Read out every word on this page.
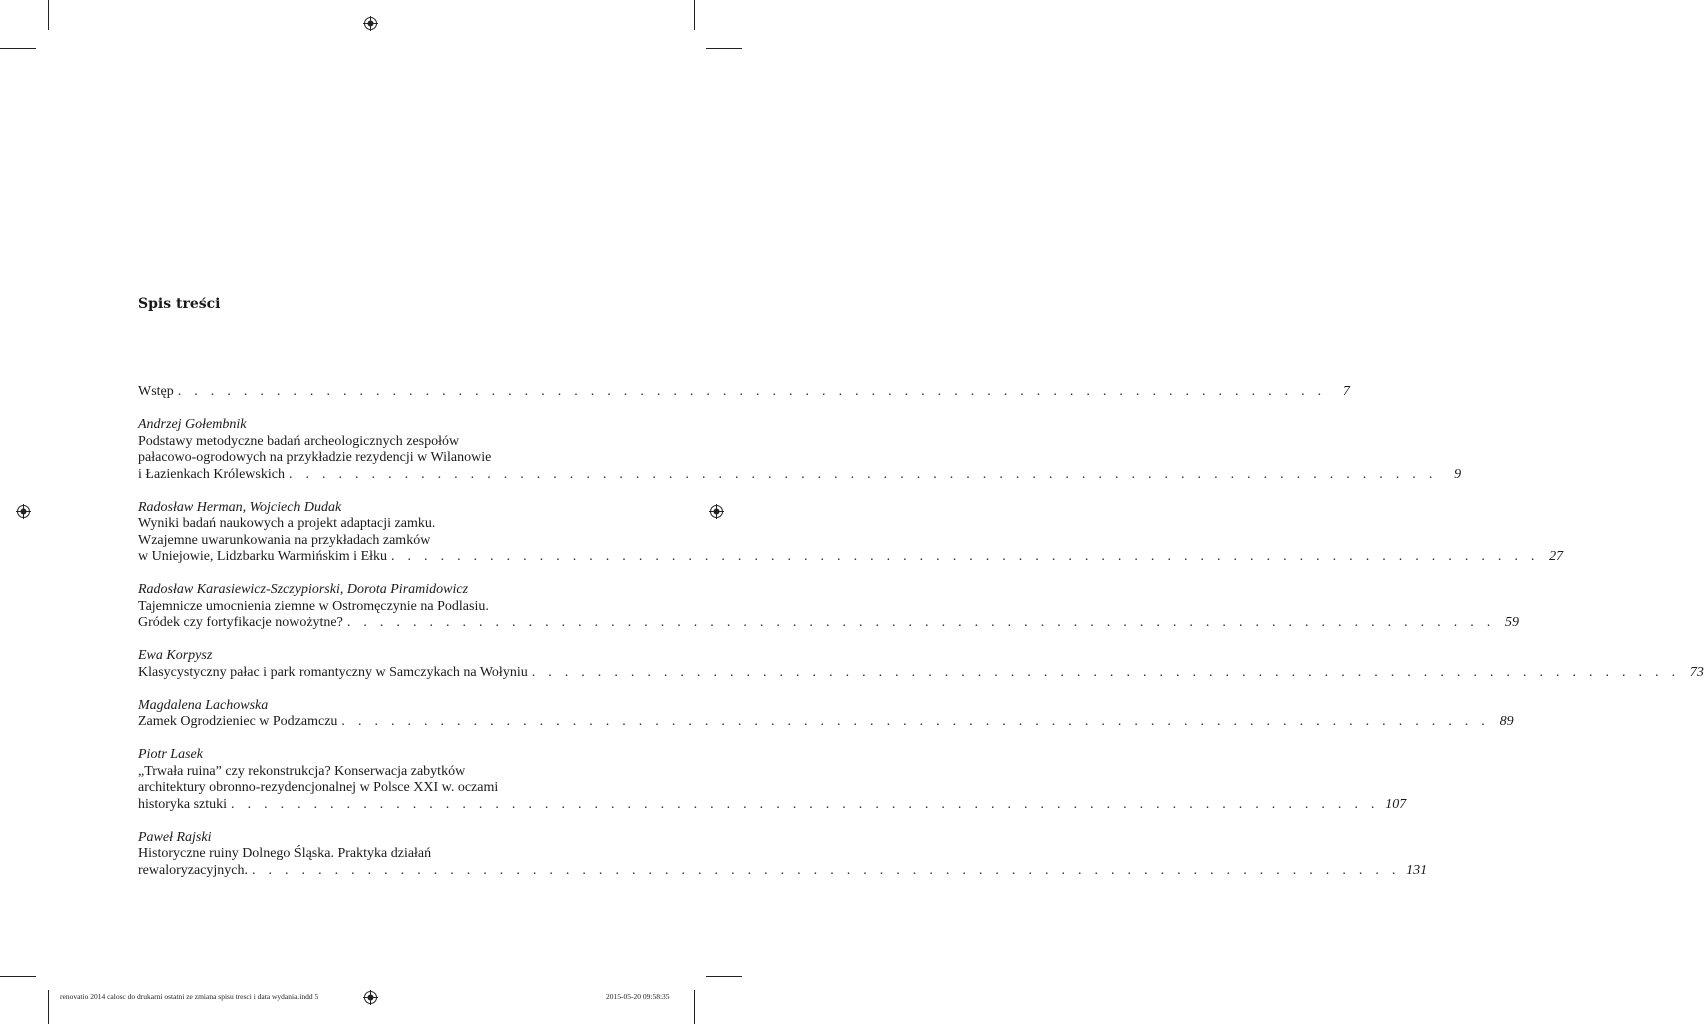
Spis treści
Wstęp . . . . . . . . . . . . . . . . . . . . . . . . . . . . . . . . . . . . . . . . . . . . . . . . . . . . . . . . . . . . . . . . . . . . . .	7
Andrzej Gołembnik
Podstawy metodyczne badań archeologicznych zespołów
pałacowo-ogrodowych na przykładzie rezydencji w Wilanowie
i Łazienkach Królewskich . . . . . . . . . . . . . . . . . . . . . . . . . . . . . . . . . . . . . . . . . . . . . . . . . . . . . . . . . . . . . . . . . . . . . .	9
Radosław Herman, Wojciech Dudak
Wyniki badań naukowych a projekt adaptacji zamku.
Wzajemne uwarunkowania na przykładach zamków
w Uniejowie, Lidzbarku Warmińskim i Ełku . . . . . . . . . . . . . . . . . . . . . . . . . . . . . . . . . . . . . . . . . . . . . . . . . . . . . . . . . . . . . . . . . . . . . . 27
Radosław Karasiewicz-Szczypiorski, Dorota Piramidowicz
Tajemnicze umocnienia ziemne w Ostromęczynie na Podlasiu.
Gródek czy fortyfikacje nowożytne? . . . . . . . . . . . . . . . . . . . . . . . . . . . . . . . . . . . . . . . . . . . . . . . . . . . . . . . . . . . . . . . . . . . . . . 59
Ewa Korpysz
Klasycystyczny pałac i park romantyczny w Samczykach na Wołyniu . . . . . . . . . . . . . . . . . . . . . . . . . . . . . . . . . . . . . . . . . . . . . . . . . . . . . . . . . . . . . . . . . . . . . . 73
Magdalena Lachowska
Zamek Ogrodzieniec w Podzamczu . . . . . . . . . . . . . . . . . . . . . . . . . . . . . . . . . . . . . . . . . . . . . . . . . . . . . . . . . . . . . . . . . . . . . . 89
Piotr Lasek
„Trwała ruina” czy rekonstrukcja? Konserwacja zabytków
architektury obronno-rezydencjonalnej w Polsce XXI w. oczami
historyka sztuki . . . . . . . . . . . . . . . . . . . . . . . . . . . . . . . . . . . . . . . . . . . . . . . . . . . . . . . . . . . . . . . . . . . . . . 107
Paweł Rajski
Historyczne ruiny Dolnego Śląska. Praktyka działań
rewaloryzacyjnych. . . . . . . . . . . . . . . . . . . . . . . . . . . . . . . . . . . . . . . . . . . . . . . . . . . . . . . . . . . . . . . . . . . . . . . 131
renovatio 2014 calosc do drukarni ostatni ze zmiana spisu tresci i data wydania.indd 5	2015-05-20 09:58:35
